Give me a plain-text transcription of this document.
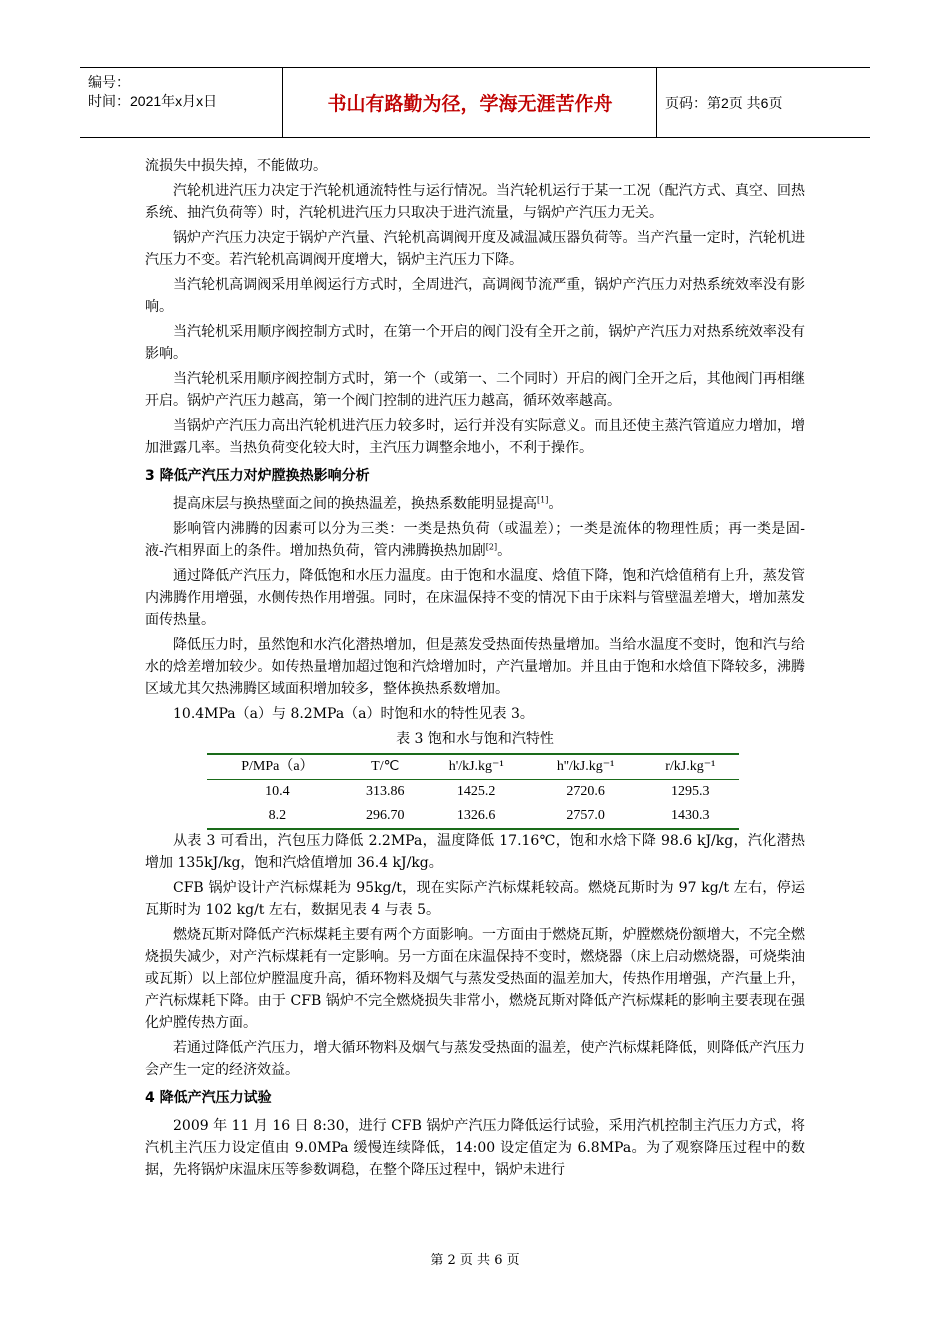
编号：
时间：2021年x月x日	书山有路勤为径，学海无涯苦作舟	页码：第2页 共6页

流损失中损失掉，不能做功。

汽轮机进汽压力决定于汽轮机通流特性与运行情况。当汽轮机运行于某一工况（配汽方式、真空、回热系统、抽汽负荷等）时，汽轮机进汽压力只取决于进汽流量，与锅炉产汽压力无关。

锅炉产汽压力决定于锅炉产汽量、汽轮机高调阀开度及减温减压器负荷等。当产汽量一定时，汽轮机进汽压力不变。若汽轮机高调阀开度增大，锅炉主汽压力下降。

当汽轮机高调阀采用单阀运行方式时，全周进汽，高调阀节流严重，锅炉产汽压力对热系统效率没有影响。

当汽轮机采用顺序阀控制方式时，在第一个开启的阀门没有全开之前，锅炉产汽压力对热系统效率没有影响。

当汽轮机采用顺序阀控制方式时，第一个（或第一、二个同时）开启的阀门全开之后，其他阀门再相继开启。锅炉产汽压力越高，第一个阀门控制的进汽压力越高，循环效率越高。

当锅炉产汽压力高出汽轮机进汽压力较多时，运行并没有实际意义。而且还使主蒸汽管道应力增加，增加泄露几率。当热负荷变化较大时，主汽压力调整余地小，不利于操作。

3 降低产汽压力对炉膛换热影响分析

提高床层与换热壁面之间的换热温差，换热系数能明显提高[1]。

影响管内沸腾的因素可以分为三类：一类是热负荷（或温差）；一类是流体的物理性质；再一类是固-液-汽相界面上的条件。增加热负荷，管内沸腾换热加剧[2]。

通过降低产汽压力，降低饱和水压力温度。由于饱和水温度、焓值下降，饱和汽焓值稍有上升，蒸发管内沸腾作用增强，水侧传热作用增强。同时，在床温保持不变的情况下由于床料与管壁温差增大，增加蒸发面传热量。

降低压力时，虽然饱和水汽化潜热增加，但是蒸发受热面传热量增加。当给水温度不变时，饱和汽与给水的焓差增加较少。如传热量增加超过饱和汽焓增加时，产汽量增加。并且由于饱和水焓值下降较多，沸腾区域尤其欠热沸腾区域面积增加较多，整体换热系数增加。

10.4MPa（a）与 8.2MPa（a）时饱和水的特性见表 3。

表 3 饱和水与饱和汽特性
P/MPa（a）	T/℃	h'/kJ.kg⁻¹	h''/kJ.kg⁻¹	r/kJ.kg⁻¹
10.4	313.86	1425.2	2720.6	1295.3
8.2	296.70	1326.6	2757.0	1430.3

从表 3 可看出，汽包压力降低 2.2MPa，温度降低 17.16℃，饱和水焓下降 98.6 kJ/kg，汽化潜热增加 135kJ/kg，饱和汽焓值增加 36.4 kJ/kg。

CFB 锅炉设计产汽标煤耗为 95kg/t，现在实际产汽标煤耗较高。燃烧瓦斯时为 97 kg/t 左右，停运瓦斯时为 102 kg/t 左右，数据见表 4 与表 5。

燃烧瓦斯对降低产汽标煤耗主要有两个方面影响。一方面由于燃烧瓦斯，炉膛燃烧份额增大，不完全燃烧损失减少，对产汽标煤耗有一定影响。另一方面在床温保持不变时，燃烧器（床上启动燃烧器，可烧柴油或瓦斯）以上部位炉膛温度升高，循环物料及烟气与蒸发受热面的温差加大，传热作用增强，产汽量上升，产汽标煤耗下降。由于 CFB 锅炉不完全燃烧损失非常小，燃烧瓦斯对降低产汽标煤耗的影响主要表现在强化炉膛传热方面。

若通过降低产汽压力，增大循环物料及烟气与蒸发受热面的温差，使产汽标煤耗降低，则降低产汽压力会产生一定的经济效益。

4 降低产汽压力试验

2009 年 11 月 16 日 8:30，进行 CFB 锅炉产汽压力降低运行试验，采用汽机控制主汽压力方式，将汽机主汽压力设定值由 9.0MPa 缓慢连续降低，14:00 设定值定为 6.8MPa。为了观察降压过程中的数据，先将锅炉床温床压等参数调稳，在整个降压过程中，锅炉未进行

第 2 页 共 6 页
